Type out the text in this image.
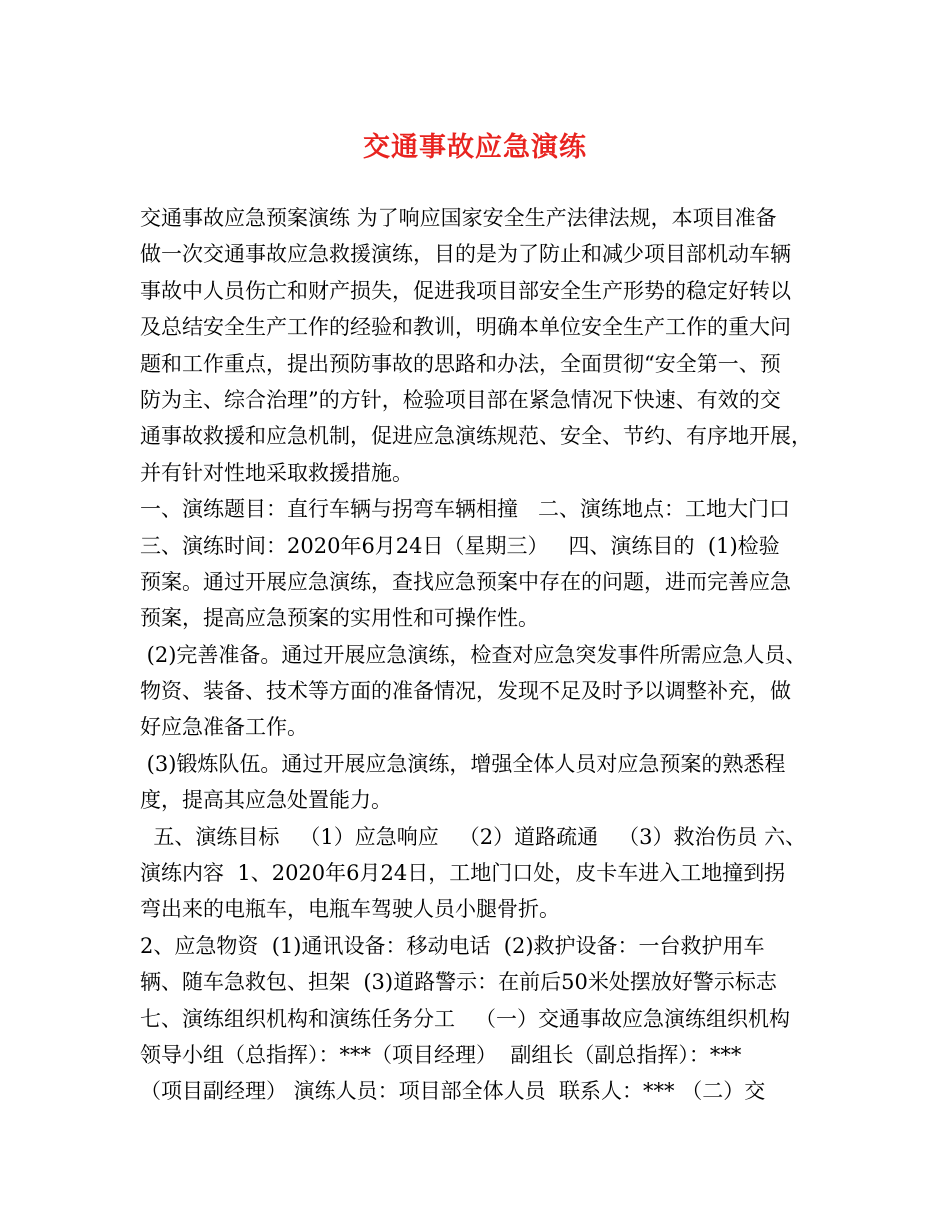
交通事故应急演练
交通事故应急预案演练 为了响应国家安全生产法律法规，本项目准备
做一次交通事故应急救援演练，目的是为了防止和减少项目部机动车辆
事故中人员伤亡和财产损失，促进我项目部安全生产形势的稳定好转以
及总结安全生产工作的经验和教训，明确本单位安全生产工作的重大问
题和工作重点，提出预防事故的思路和办法，全面贯彻“安全第一、预
防为主、综合治理”的方针，检验项目部在紧急情况下快速、有效的交
通事故救援和应急机制，促进应急演练规范、安全、节约、有序地开展，
并有针对性地采取救援措施。
一、演练题目：直行车辆与拐弯车辆相撞   二、演练地点：工地大门口
三、演练时间：2020年6月24日（星期三）   四、演练目的  (1)检验
预案。通过开展应急演练，查找应急预案中存在的问题，进而完善应急
预案，提高应急预案的实用性和可操作性。
(2)完善准备。通过开展应急演练，检查对应急突发事件所需应急人员、
物资、装备、技术等方面的准备情况，发现不足及时予以调整补充，做
好应急准备工作。
(3)锻炼队伍。通过开展应急演练，增强全体人员对应急预案的熟悉程
度，提高其应急处置能力。
五、演练目标   （1）应急响应   （2）道路疏通   （3）救治伤员 六、
演练内容  1、2020年6月24日，工地门口处，皮卡车进入工地撞到拐
弯出来的电瓶车，电瓶车驾驶人员小腿骨折。
2、应急物资  (1)通讯设备：移动电话  (2)救护设备：一台救护用车
辆、随车急救包、担架  (3)道路警示：在前后50米处摆放好警示标志
七、演练组织机构和演练任务分工   （一）交通事故应急演练组织机构
领导小组（总指挥）：***（项目经理）  副组长（副总指挥）：***
（项目副经理） 演练人员：项目部全体人员  联系人：*** （二）交
